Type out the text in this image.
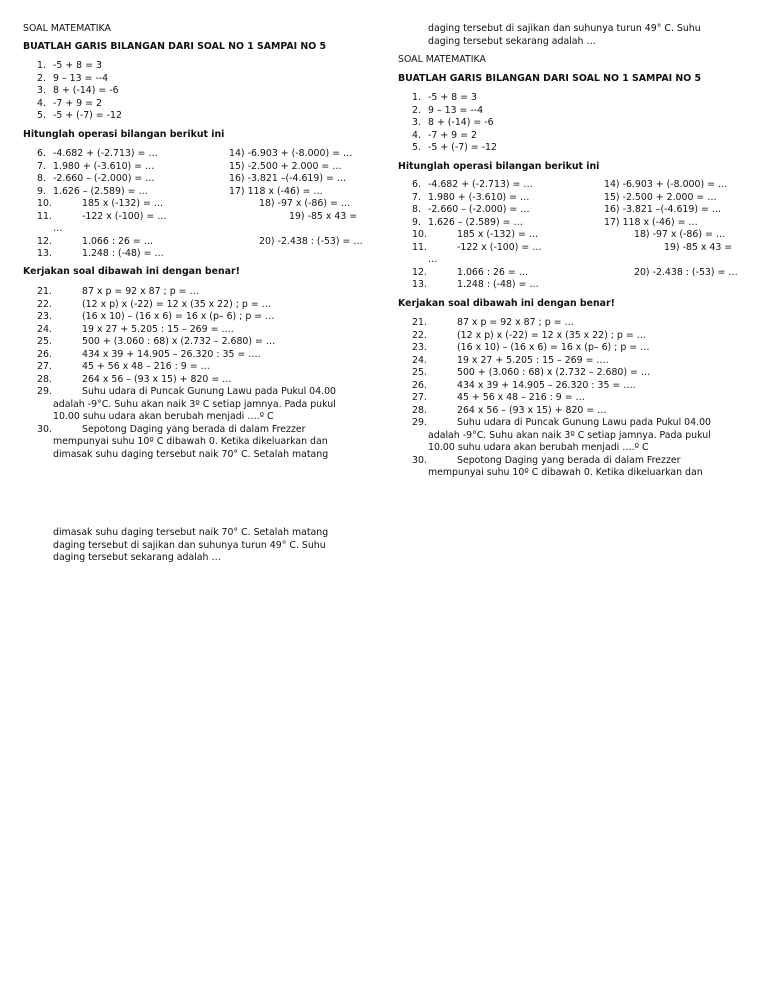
SOAL MATEMATIKA
BUATLAH GARIS BILANGAN DARI SOAL NO 1 SAMPAI NO 5
1. -5 + 8 = 3
2. 9 – 13 = --4
3. 8 + (-14) = -6
4. -7 + 9 = 2
5. -5 + (-7) = -12
Hitunglah operasi bilangan berikut ini
6. -4.682 + (-2.713) = …	14) -6.903 + (-8.000) = …
7. 1.980 + (-3.610) = …	15) -2.500 + 2.000 = …
8. -2.660 – (-2.000) = …	16) -3.821 –(-4.619) = …
9. 1.626 – (2.589) = …	17) 118 x (-46) = …
10.	185 x (-132) = …	18) -97 x (-86) = …
11.	-122 x (-100) = …	19) -85 x 43 =
…
12.	1.066 : 26 = …	20) -2.438 : (-53) = …
13.	1.248 : (-48) = …
Kerjakan soal dibawah ini dengan benar!
21.	87 x p = 92 x 87 ; p = …
22.	(12 x p) x (-22) = 12 x (35 x 22) ; p = …
23.	(16 x 10) – (16 x 6) = 16 x (p– 6) ; p = …
24.	19 x 27 + 5.205 : 15 – 269 = ….
25.	500 + (3.060 : 68) x (2.732 – 2.680) = …
26.	434 x 39 + 14.905 – 26.320 : 35 = ….
27.	45 + 56 x 48 – 216 : 9 = …
28.	264 x 56 – (93 x 15) + 820 = …
29.	Suhu udara di Puncak Gunung Lawu pada Pukul 04.00
adalah -9°C. Suhu akan naik 3º C setiap jamnya. Pada pukul
10.00 suhu udara akan berubah menjadi ….º C
30.	Sepotong Daging yang berada di dalam Frezzer
mempunyai suhu 10º C dibawah 0. Ketika dikeluarkan dan
dimasak suhu daging tersebut naik 70° C. Setalah matang
dimasak suhu daging tersebut naik 70° C. Setalah matang
daging tersebut di sajikan dan suhunya turun 49° C. Suhu
daging tersebut sekarang adalah …
daging tersebut di sajikan dan suhunya turun 49° C. Suhu
daging tersebut sekarang adalah …
SOAL MATEMATIKA
BUATLAH GARIS BILANGAN DARI SOAL NO 1 SAMPAI NO 5
1. -5 + 8 = 3
2. 9 – 13 = --4
3. 8 + (-14) = -6
4. -7 + 9 = 2
5. -5 + (-7) = -12
Hitunglah operasi bilangan berikut ini
6. -4.682 + (-2.713) = …	14) -6.903 + (-8.000) = …
7. 1.980 + (-3.610) = …	15) -2.500 + 2.000 = …
8. -2.660 – (-2.000) = …	16) -3.821 –(-4.619) = …
9. 1.626 – (2.589) = …	17) 118 x (-46) = …
10.	185 x (-132) = …	18) -97 x (-86) = …
11.	-122 x (-100) = …	19) -85 x 43 =
…
12.	1.066 : 26 = …	20) -2.438 : (-53) = …
13.	1.248 : (-48) = …
Kerjakan soal dibawah ini dengan benar!
21.	87 x p = 92 x 87 ; p = …
22.	(12 x p) x (-22) = 12 x (35 x 22) ; p = …
23.	(16 x 10) – (16 x 6) = 16 x (p– 6) ; p = …
24.	19 x 27 + 5.205 : 15 – 269 = ….
25.	500 + (3.060 : 68) x (2.732 – 2.680) = …
26.	434 x 39 + 14.905 – 26.320 : 35 = ….
27.	45 + 56 x 48 – 216 : 9 = …
28.	264 x 56 – (93 x 15) + 820 = …
29.	Suhu udara di Puncak Gunung Lawu pada Pukul 04.00
adalah -9°C. Suhu akan naik 3º C setiap jamnya. Pada pukul
10.00 suhu udara akan berubah menjadi ….º C
30.	Sepotong Daging yang berada di dalam Frezzer
mempunyai suhu 10º C dibawah 0. Ketika dikeluarkan dan
